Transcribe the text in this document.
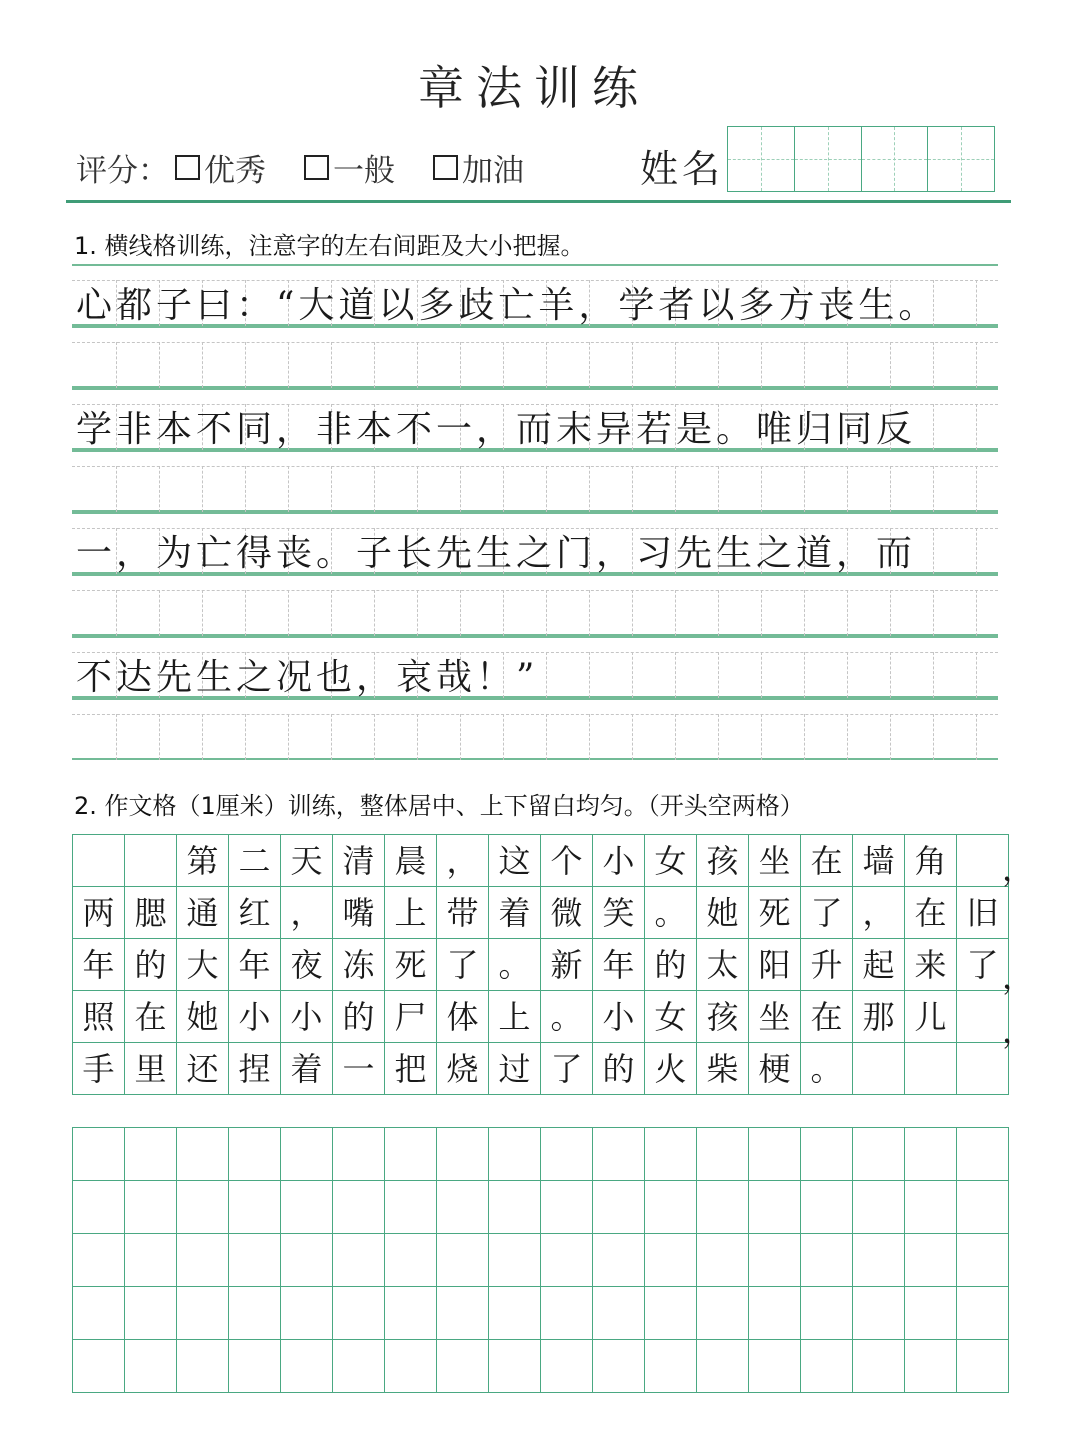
章法训练
评分： 优秀 一般 加油	姓名
1. 横线格训练，注意字的左右间距及大小把握。
心都子曰：“大道以多歧亡羊，学者以多方丧生。
学非本不同，非本不一，而末异若是。唯归同反
一，为亡得丧。子长先生之门，习先生之道，而
不达先生之况也，哀哉！”
2. 作文格（1厘米）训练，整体居中、上下留白均匀。（开头空两格）
		第	二	天	清	晨	，	这	个	小	女	孩	坐	在	墙	角	
两	腮	通	红	，	嘴	上	带	着	微	笑	。	她	死	了	，	在	旧
年	的	大	年	夜	冻	死	了	。	新	年	的	太	阳	升	起	来	了
照	在	她	小	小	的	尸	体	上	。	小	女	孩	坐	在	那	儿	
手	里	还	捏	着	一	把	烧	过	了	的	火	柴	梗	。			
，
，
，
